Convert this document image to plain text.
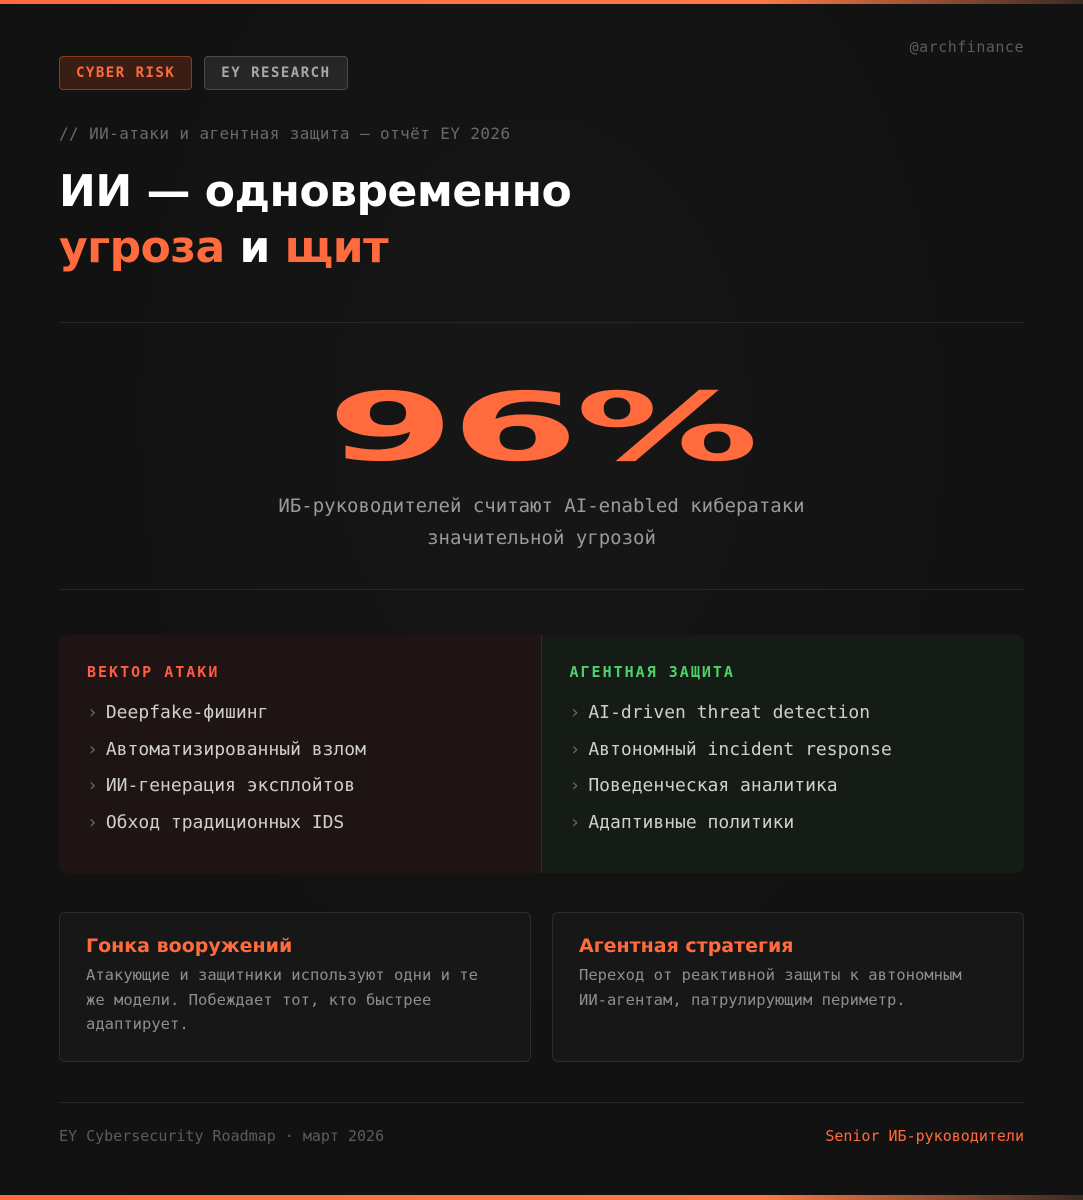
@archfinance
CYBER RISK	EY RESEARCH
// ИИ-атаки и агентная защита — отчёт EY 2026
ИИ — одновременно
угроза и щит
96%
ИБ-руководителей считают AI-enabled кибератаки
значительной угрозой
ВЕКТОР АТАКИ
› Deepfake-фишинг
› Автоматизированный взлом
› ИИ-генерация эксплойтов
› Обход традиционных IDS
АГЕНТНАЯ ЗАЩИТА
› AI-driven threat detection
› Автономный incident response
› Поведенческая аналитика
› Адаптивные политики
Гонка вооружений
Атакующие и защитники используют одни и те же модели. Побеждает тот, кто быстрее адаптирует.
Агентная стратегия
Переход от реактивной защиты к автономным ИИ-агентам, патрулирующим периметр.
EY Cybersecurity Roadmap · март 2026	Senior ИБ-руководители
